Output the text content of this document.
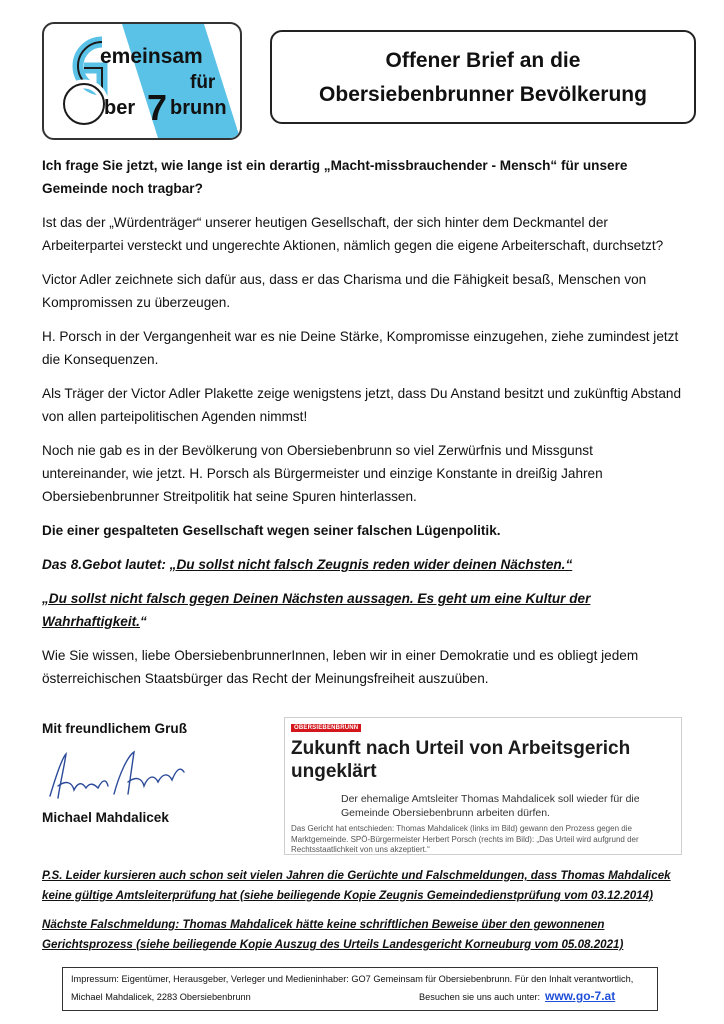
emeinsam
für
ber 7 brunn
Offener Brief an die
Obersiebenbrunner Bevölkerung

Ich frage Sie jetzt, wie lange ist ein derartig „Macht-missbrauchender - Mensch“ für unsere Gemeinde noch tragbar?

Ist das der „Würdenträger“ unserer heutigen Gesellschaft, der sich hinter dem Deckmantel der Arbeiterpartei versteckt und ungerechte Aktionen, nämlich gegen die eigene Arbeiterschaft, durchsetzt?

Victor Adler zeichnete sich dafür aus, dass er das Charisma und die Fähigkeit besaß, Menschen von Kompromissen zu überzeugen.

H. Porsch in der Vergangenheit war es nie Deine Stärke, Kompromisse einzugehen, ziehe zumindest jetzt die Konsequenzen.

Als Träger der Victor Adler Plakette zeige wenigstens jetzt, dass Du Anstand besitzt und zukünftig Abstand von allen parteipolitischen Agenden nimmst!

Noch nie gab es in der Bevölkerung von Obersiebenbrunn so viel Zerwürfnis und Missgunst untereinander, wie jetzt. H. Porsch als Bürgermeister und einzige Konstante in dreißig Jahren Obersiebenbrunner Streitpolitik hat seine Spuren hinterlassen.

Die einer gespalteten Gesellschaft wegen seiner falschen Lügenpolitik.

Das 8.Gebot lautet: „Du sollst nicht falsch Zeugnis reden wider deinen Nächsten.“

„Du sollst nicht falsch gegen Deinen Nächsten aussagen. Es geht um eine Kultur der Wahrhaftigkeit.“

Wie Sie wissen, liebe ObersiebenbrunnerInnen, leben wir in einer Demokratie und es obliegt jedem österreichischen Staatsbürger das Recht der Meinungsfreiheit auszuüben.

Mit freundlichem Gruß
Michael Mahdalicek
OBERSIEBENBRUNN
Zukunft nach Urteil von Arbeitsgerich ungeklärt
Der ehemalige Amtsleiter Thomas Mahdalicek soll wieder für die Gemeinde Obersiebenbrunn arbeiten dürfen.
Das Gericht hat entschieden: Thomas Mahdalicek (links im Bild) gewann den Prozess gegen die Marktgemeinde. SPÖ-Bürgermeister Herbert Porsch (rechts im Bild): „Das Urteil wird aufgrund der Rechtsstaatlichkeit von uns akzeptiert.“
P.S. Leider kursieren auch schon seit vielen Jahren die Gerüchte und Falschmeldungen, dass Thomas Mahdalicek keine gültige Amtsleiterprüfung hat (siehe beiliegende Kopie Zeugnis Gemeindedienstprüfung vom 03.12.2014)
Nächste Falschmeldung: Thomas Mahdalicek hätte keine schriftlichen Beweise über den gewonnenen Gerichtsprozess (siehe beiliegende Kopie Auszug des Urteils Landesgericht Korneuburg vom 05.08.2021)
Impressum: Eigentümer, Herausgeber, Verleger und Medieninhaber: GO7 Gemeinsam für Obersiebenbrunn. Für den Inhalt verantwortlich,
Michael Mahdalicek, 2283 Obersiebenbrunn	Besuchen sie uns auch unter: www.go-7.at
